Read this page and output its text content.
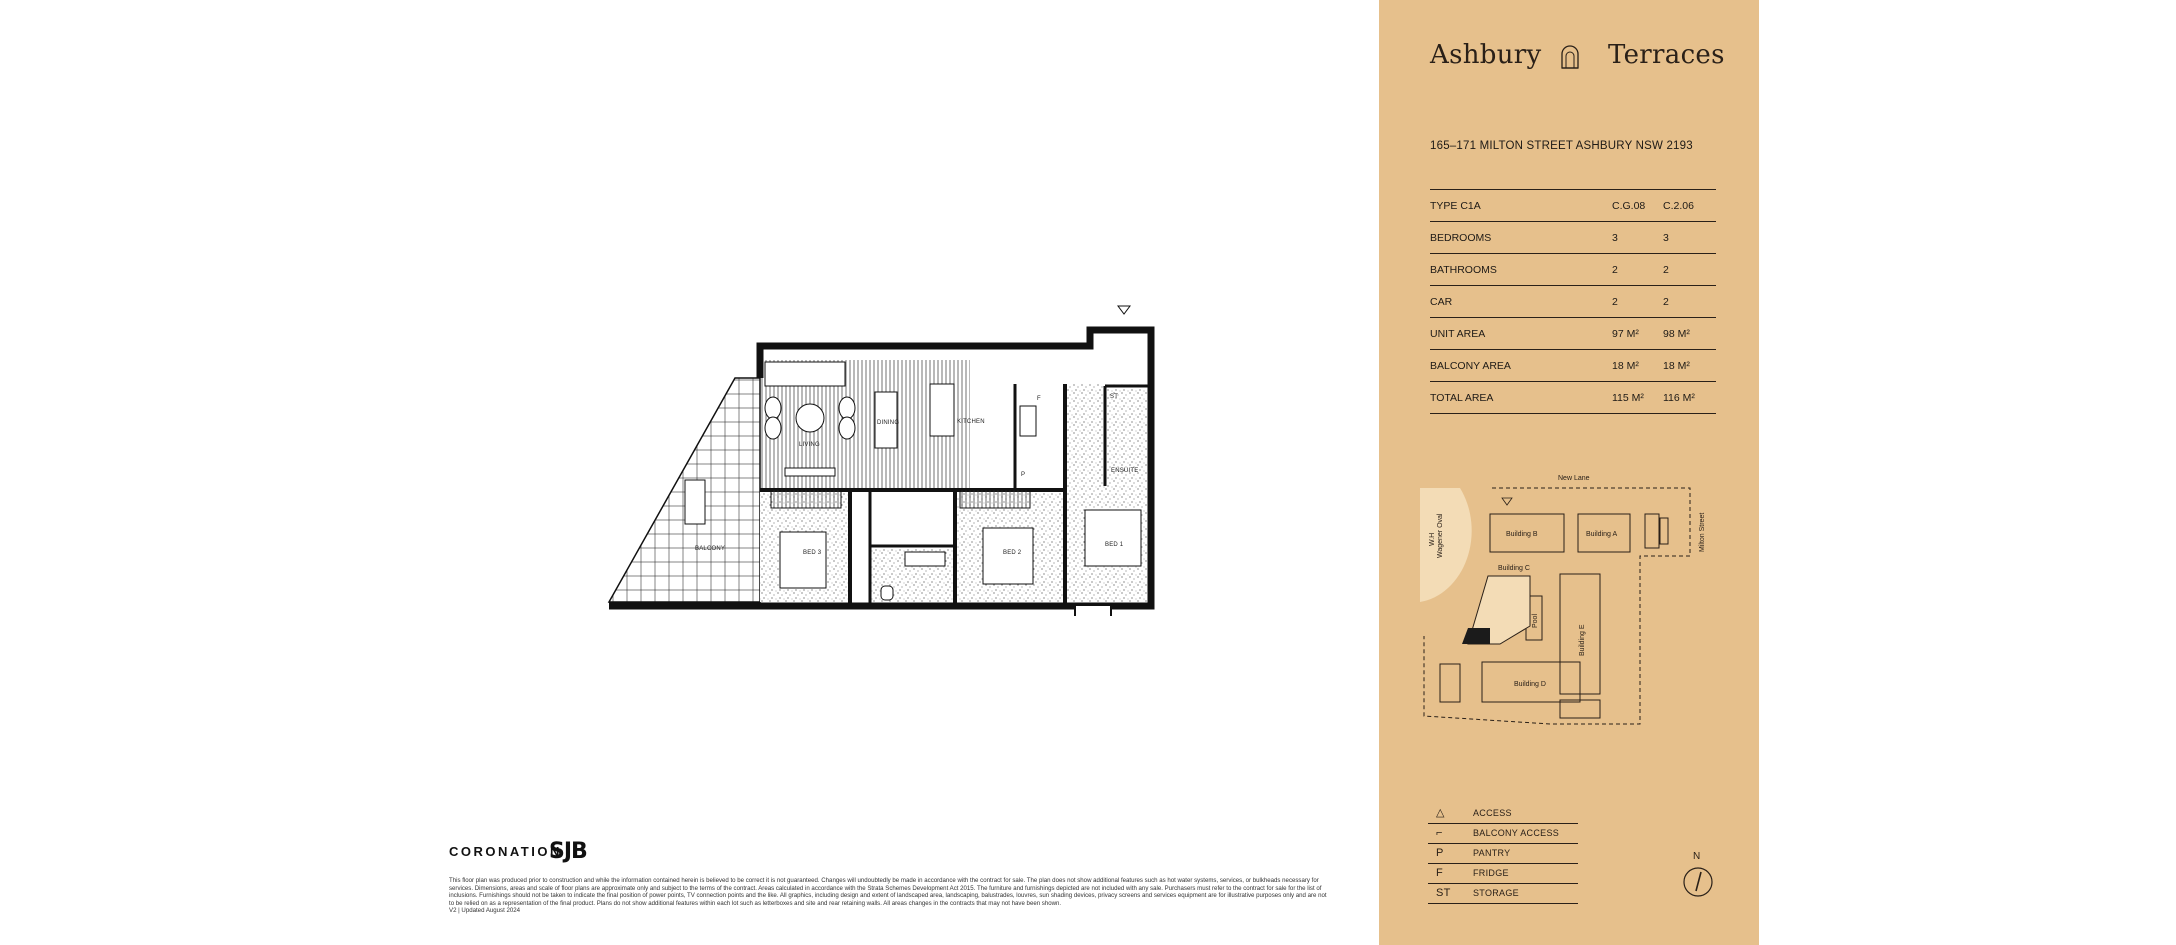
LIVING
DINING	KITCHEN
BALCONY
BED 3	BED 2
BED 1
ST
P
F
ENSUITE
CORONATION
SJB
This floor plan was produced prior to construction and while the information contained herein is believed to be correct it is not guaranteed. Changes will undoubtedly be made in accordance with the contract for sale. The plan does not show additional features such as hot water systems, services, or bulkheads necessary for services. Dimensions, areas and scale of floor plans are approximate only and subject to the terms of the contract. Areas calculated in accordance with the Strata Schemes Development Act 2015. The furniture and furnishings depicted are not included with any sale. Purchasers must refer to the contract for sale for the list of inclusions. Furnishings should not be taken to indicate the final position of power points, TV connection points and the like. All graphics, including design and extent of landscaped area, landscaping, balustrades, louvres, sun shading devices, privacy screens and services equipment are for illustrative purposes only and are not to be relied on as a representation of the final product. Plans do not show additional features within each lot such as letterboxes and site and rear retaining walls. All areas changes in the contracts that may not have been shown.
V2 | Updated August 2024
Ashbury	Terraces
165–171 MILTON STREET ASHBURY NSW 2193
TYPE C1A	C.G.08	C.2.06
BEDROOMS	3	3
BATHROOMS	2	2
CAR	2	2
UNIT AREA	97 M²	98 M²
BALCONY AREA	18 M²	18 M²
TOTAL AREA	115 M²	116 M²
New Lane
Building B	Building A
Building C
Building D
Building E
Pool
Milton Street
W.H Wagener Oval
△	ACCESS
⌐	BALCONY ACCESS
P	PANTRY
F	FRIDGE
ST	STORAGE
N
